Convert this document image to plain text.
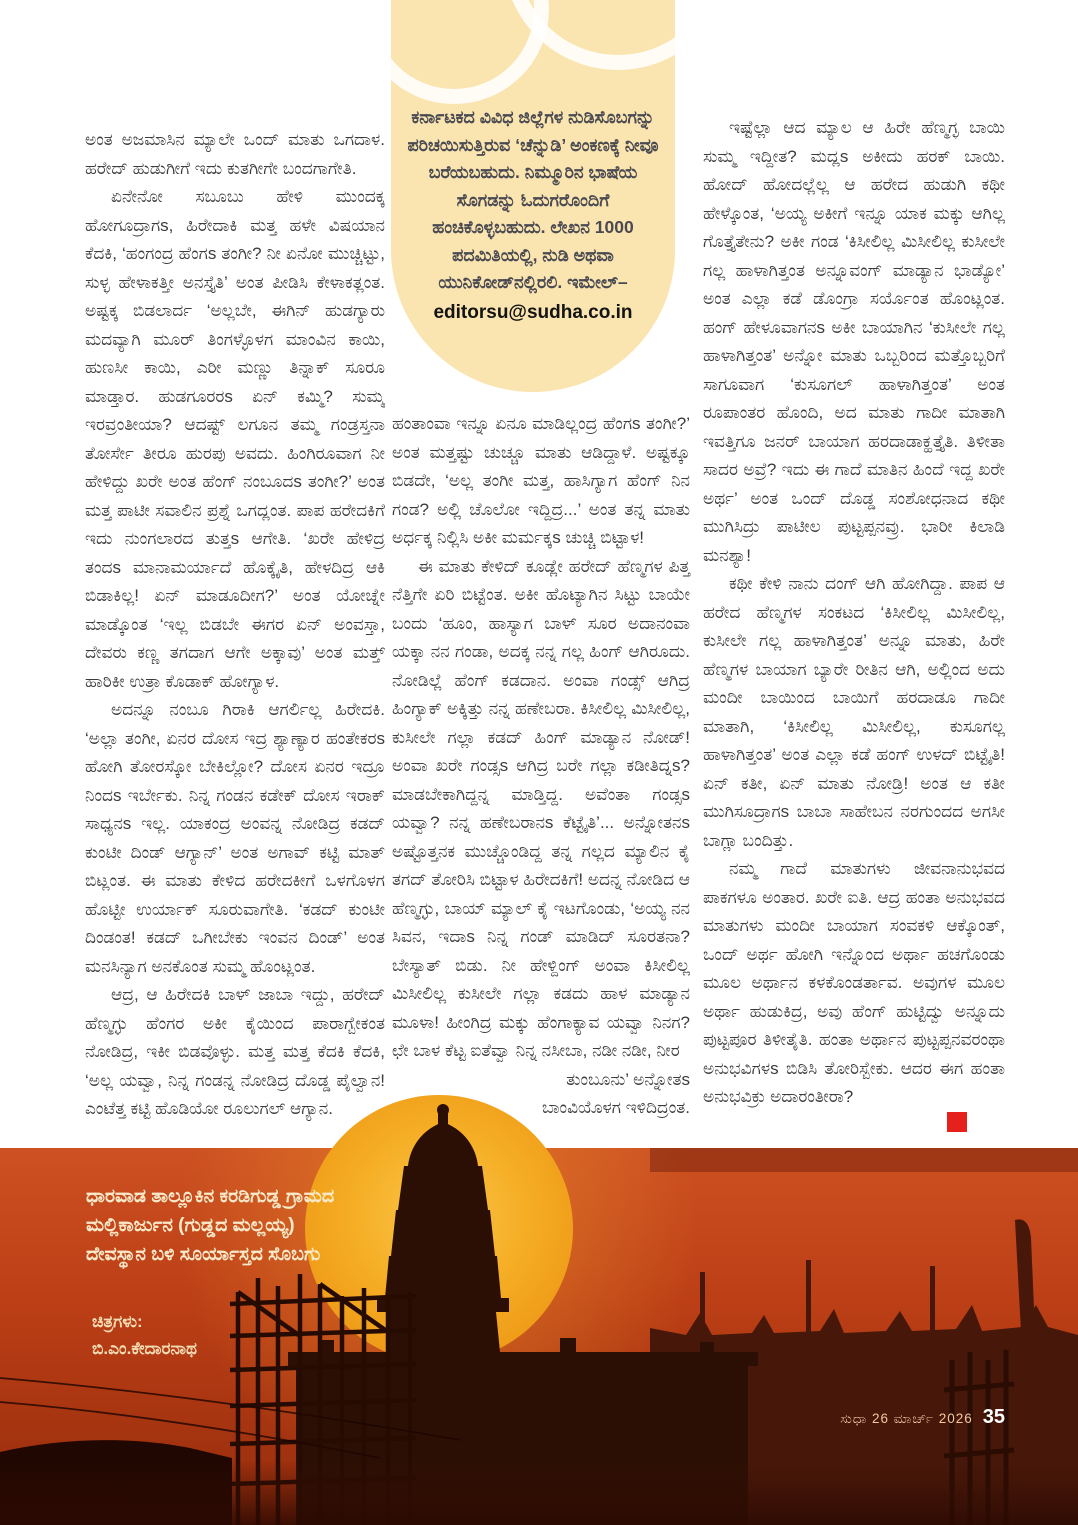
ಕರ್ನಾಟಕದ ವಿವಿಧ ಜಿಲ್ಲೆಗಳ ನುಡಿಸೊಬಗನ್ನು ಪರಿಚಯಿಸುತ್ತಿರುವ ‘ಚೆನ್ನುಡಿ’ ಅಂಕಣಕ್ಕೆ ನೀವೂ ಬರೆಯಬಹುದು. ನಿಮ್ಮೂರಿನ ಭಾಷೆಯ ಸೊಗಡನ್ನು ಓದುಗರೊಂದಿಗೆ ಹಂಚಿಕೊಳ್ಳಬಹುದು. ಲೇಖನ 1000 ಪದಮಿತಿಯಲ್ಲಿ, ನುಡಿ ಅಥವಾ ಯುನಿಕೋಡ್‌ನಲ್ಲಿರಲಿ. ಇಮೇಲ್–
editorsu@sudha.co.in

ಅಂತ ಅಜಮಾಸಿನ ಮ್ಯಾಲೇ ಒಂದ್ ಮಾತು ಒಗದಾಳ. ಹರೇದ್ ಹುಡುಗೀಗೆ ಇದು ಕುತಗೀಗೇ ಬಂದಗಾಗೇತಿ.

ಏನೇನೋ ಸಬೂಬು ಹೇಳಿ ಮುಂದಕ್ಕ ಹೋಗೂದ್ರಾಗs, ಹಿರೇದಾಕಿ ಮತ್ತ ಹಳೇ ವಿಷಯಾನ ಕೆದಕಿ, ‘ಹಂಗಂದ್ರ ಹೆಂಗs ತಂಗೀ? ನೀ ಏನೋ ಮುಚ್ಚಿಟ್ಟು, ಸುಳ್ಳ ಹೇಳಾಕತ್ತೀ ಅನಸ್ತೈತಿ’ ಅಂತ ಪೀಡಿಸಿ ಕೇಳಾಕತ್ಲಂತ. ಅಷ್ಟಕ್ಕ ಬಿಡಲಾರ್ದ ‘ಅಲ್ಲಬೇ, ಈಗಿನ್ ಹುಡಗ್ಯಾರು ಮದವ್ಯಾಗಿ ಮೂರ್ ತಿಂಗಳ್ಳೊಳಗ ಮಾಂವಿನ ಕಾಯಿ, ಹುಣಸೀ ಕಾಯಿ, ಎರೀ ಮಣ್ಣು ತಿನ್ನಾಕ್ ಸೂರೂ ಮಾಡ್ತಾರ. ಹುಡಗೂರರs ಏನ್ ಕಮ್ಮಿ? ಸುಮ್ಮ ಇರವ್ರಂತೀಯಾ? ಆದಷ್ಟ್ ಲಗೂನ ತಮ್ಮ ಗಂಡ್ರಸ್ತನಾ ತೋರ್ಸೇ ತೀರೂ ಹುರಪು ಅವದು. ಹಿಂಗಿರೂವಾಗ ನೀ ಹೇಳಿದ್ದು ಖರೇ ಅಂತ ಹೆಂಗ್ ನಂಬೂದs ತಂಗೀ?’ ಅಂತ ಮತ್ತ ಪಾಟೀ ಸವಾಲಿನ ಪ್ರಶ್ನೆ ಒಗದ್ಲಂತ. ಪಾಪ ಹರೇದಕಿಗೆ ಇದು ನುಂಗಲಾರದ ತುತ್ತs ಆಗೇತಿ. ‘ಖರೇ ಹೇಳಿದ್ರ ತಂದs ಮಾನಾಮರ್ಯಾದೆ ಹೊಕ್ಕೈತಿ, ಹೇಳದಿದ್ರ ಆಕಿ ಬಿಡಾಕಿಲ್ಲ! ಏನ್ ಮಾಡೂದೀಗ?’ ಅಂತ ಯೋಚ್ನೇ ಮಾಡ್ಕೊಂತ ‘ಇಲ್ಲ ಬಿಡಬೇ ಈಗರ ಏನ್ ಅಂವಸ್ತಾ, ದೇವರು ಕಣ್ಣ ತಗದಾಗ ಆಗೇ ಅಕ್ಕಾವು’ ಅಂತ ಮತ್ತ್ ಹಾರಿಕೀ ಉತ್ರಾ ಕೊಡಾಕ್ ಹೋಗ್ಯಾಳ.

ಅದನ್ನೂ ನಂಬೂ ಗಿರಾಕಿ ಆಗರ್ಲಿಲ್ಲ ಹಿರೇದಕಿ. ‘ಅಲ್ಲಾ ತಂಗೀ, ಏನರ ದೋಸ ಇದ್ರ ಶ್ಯಾಣ್ಯಾರ ಹಂತೇಕರs ಹೋಗಿ ತೋರಸ್ಕೋ ಬೇಕಿಲ್ಲೋ? ದೋಸ ಏನರ ಇದ್ರೂ ನಿಂದs ಇರ್ಬೇಕು. ನಿನ್ನ ಗಂಡನ ಕಡೇಕ್ ದೋಸ ಇರಾಕ್ ಸಾಧ್ಯನs ಇಲ್ಲ. ಯಾಕಂದ್ರ ಅಂವನ್ನ ನೋಡಿದ್ರ ಕಡದ್ ಕುಂಟೀ ದಿಂಡ್ ಆಗ್ಯಾನ್’ ಅಂತ ಅಗಾವ್ ಕಟ್ಟಿ ಮಾತ್ ಬಿಟ್ಲಂತ. ಈ ಮಾತು ಕೇಳಿದ ಹರೇದಕೀಗೆ ಒಳಗೊಳಗ ಹೊಟ್ಟೀ ಉರ್ಯಾಕ್ ಸೂರುವಾಗೇತಿ. ‘ಕಡದ್ ಕುಂಟೀ ದಿಂಡಂತ! ಕಡದ್ ಒಗೀಬೇಕು ಇಂವನ ದಿಂಡ್’ ಅಂತ ಮನಸಿನ್ಯಾಗ ಅನಕೊಂತ ಸುಮ್ಮ ಹೊಂಟ್ಲಂತ.

ಆದ್ರ, ಆ ಹಿರೇದಕಿ ಬಾಳ್ ಜಾಬಾ ಇದ್ದು, ಹರೇದ್ ಹೆಣ್ಮಗ್ಳು ಹೆಂಗರ ಅಕೀ ಕೈಯಿಂದ ಪಾರಾಗ್ಬೇಕಂತ ನೋಡಿದ್ರ, ಇಕೀ ಬಿಡವೊಳ್ಳು. ಮತ್ತ ಮತ್ತ ಕೆದಕಿ ಕೆದಕಿ, ‘ಅಲ್ಲ ಯವ್ವಾ, ನಿನ್ನ ಗಂಡನ್ನ ನೋಡಿದ್ರ ದೊಡ್ಡ ಪೈಲ್ವಾನ! ಎಂಟೆತ್ತ ಕಟ್ಟಿ ಹೊಡಿಯೋ ರೂಲುಗಲ್ ಆಗ್ಯಾನ.

ಹಂತಾಂವಾ ಇನ್ನೂ ಏನೂ ಮಾಡಿಲ್ಲಂದ್ರ ಹೆಂಗs ತಂಗೀ?’ ಅಂತ ಮತ್ತಷ್ಟು ಚುಚ್ಚೂ ಮಾತು ಆಡಿದ್ದಾಳೆ. ಅಷ್ಟಕ್ಕೂ ಬಿಡದೇ, ‘ಅಲ್ಲ ತಂಗೀ ಮತ್ತ, ಹಾಸಿಗ್ಯಾಗ ಹೆಂಗ್ ನಿನ ಗಂಡ? ಅಲ್ಲಿ ಚೊಲೋ ಇದ್ದಿದ್ರ...’ ಅಂತ ತನ್ನ ಮಾತು ಅರ್ಧಕ್ಕ ನಿಲ್ಲಿಸಿ ಅಕೀ ಮರ್ಮಕ್ಕs ಚುಚ್ಚಿ ಬಿಟ್ಟಾಳ!

ಈ ಮಾತು ಕೇಳಿದ್ ಕೂಡ್ಲೇ ಹರೇದ್ ಹೆಣ್ಮಗಳ ಪಿತ್ತ ನೆತ್ತಿಗೇ ಏರಿ ಬಿಟ್ಟೆಂತ. ಅಕೀ ಹೊಟ್ಯಾಗಿನ ಸಿಟ್ಟು ಬಾಯೇ ಬಂದು ‘ಹೂಂ, ಹಾಸ್ಯಾಗ ಬಾಳ್ ಸೂರ ಅದಾನಂವಾ ಯಕ್ಕಾ ನನ ಗಂಡಾ, ಅದಕ್ಕ ನನ್ನ ಗಲ್ಲ ಹಿಂಗ್ ಆಗಿರೂದು. ನೋಡಿಲ್ಲೆ ಹೆಂಗ್ ಕಡದಾನ. ಅಂವಾ ಗಂಡ್ಸ್ ಆಗಿದ್ರ ಹಿಂಗ್ಯಾಕ್ ಅಕ್ಕಿತ್ತು ನನ್ನ ಹಣೇಬರಾ. ಕಿಸೀಲಿಲ್ಲ ಮಿಸೀಲಿಲ್ಲ, ಕುಸೀಲೇ ಗಲ್ಲಾ ಕಡದ್ ಹಿಂಗ್ ಮಾಡ್ಯಾನ ನೋಡ್! ಅಂವಾ ಖರೇ ಗಂಡ್ಸs ಆಗಿದ್ರ ಬರೇ ಗಲ್ಲಾ ಕಡೀತಿದ್ನs? ಮಾಡಬೇಕಾಗಿದ್ದನ್ನ ಮಾಡ್ತಿದ್ದ. ಅವೆಂತಾ ಗಂಡ್ಸs ಯವ್ವಾ? ನನ್ನ ಹಣೇಬರಾನs ಕೆಟ್ಟೈತಿ’... ಅನ್ನೋತನs ಅಷ್ಟೊತ್ತನಕ ಮುಚ್ಚೊಂಡಿದ್ದ ತನ್ನ ಗಲ್ಲದ ಮ್ಯಾಲಿನ ಕೈ ತಗದ್ ತೋರಿಸಿ ಬಿಟ್ಟಾಳ ಹಿರೇದಕಿಗೆ! ಅದನ್ನ ನೋಡಿದ ಆ ಹೆಣ್ಮಗ್ಳು, ಬಾಯ್ ಮ್ಯಾಲ್ ಕೈ ಇಟಗೊಂಡು, ‘ಅಯ್ಯ ನನ ಸಿವನ, ಇದಾs ನಿನ್ನ ಗಂಡ್ ಮಾಡಿದ್ ಸೂರತನಾ? ಬೇಸ್ಯಾತ್ ಬಿಡು. ನೀ ಹೇಳ್ದಿಂಗ್ ಅಂವಾ ಕಿಸೀಲಿಲ್ಲ ಮಿಸೀಲಿಲ್ಲ ಕುಸೀಲೇ ಗಲ್ಲಾ ಕಡದು ಹಾಳ ಮಾಡ್ಯಾನ ಮೂಳಾ! ಹೀಂಗಿದ್ರ ಮಕ್ಕು ಹೆಂಗಾಕ್ಯಾವ ಯವ್ವಾ ನಿನಗ? ಛೇ ಬಾಳ ಕೆಟ್ಟ ಐತೆವ್ವಾ ನಿನ್ನ ನಸೀಬಾ, ನಡೀ ನಡೀ, ನೀರ

ತುಂಬೂನು’ ಅನ್ನೋತs ಬಾಂವಿಯೊಳಗ ಇಳಿದಿದ್ರಂತ.

ಇಷ್ಟೆಲ್ಲಾ ಆದ ಮ್ಯಾಲ ಆ ಹಿರೇ ಹೆಣ್ಮಗ್ಳ ಬಾಯಿ ಸುಮ್ಮ ಇದ್ದೀತ? ಮದ್ಲs ಅಕೀದು ಹರಕ್ ಬಾಯಿ. ಹೋದ್ ಹೋದಲ್ಲೆಲ್ಲ ಆ ಹರೇದ ಹುಡುಗಿ ಕಥೀ ಹೇಳ್ಕೊಂತ, ‘ಅಯ್ಯ ಅಕೀಗೆ ಇನ್ನೂ ಯಾಕ ಮಕ್ಕು ಆಗಿಲ್ಲ ಗೊತ್ತೈತೇನು? ಅಕೀ ಗಂಡ ‘ಕಿಸೀಲಿಲ್ಲ ಮಿಸೀಲಿಲ್ಲ ಕುಸೀಲೇ ಗಲ್ಲ ಹಾಳಾಗಿತ್ತಂತ ಅನ್ನೂವಂಗ್ ಮಾಡ್ಯಾನ ಭಾಡ್ಯೋ’ ಅಂತ ಎಲ್ಲಾ ಕಡೆ ಡೊಂಗ್ರಾ ಸರ್ಯೊಂತ ಹೊಂಟ್ಲಂತ. ಹಂಗ್ ಹೇಳೂವಾಗನs ಅಕೀ ಬಾಯಾಗಿನ ‘ಕುಸೀಲೇ ಗಲ್ಲ ಹಾಳಾಗಿತ್ತಂತ’ ಅನ್ನೋ ಮಾತು ಒಬ್ಬರಿಂದ ಮತ್ತೊಬ್ಬರಿಗೆ ಸಾಗೂವಾಗ ‘ಕುಸೂಗಲ್ ಹಾಳಾಗಿತ್ತಂತ’ ಅಂತ ರೂಪಾಂತರ ಹೊಂದಿ, ಅದ ಮಾತು ಗಾದೀ ಮಾತಾಗಿ ಇವತ್ತಿಗೂ ಜನರ್ ಬಾಯಾಗ ಹರದಾಡಾಕ್ಹತ್ತೈತಿ. ತಿಳೀತಾ ಸಾದರ ಅವ್ರೆ? ಇದು ಈ ಗಾದೆ ಮಾತಿನ ಹಿಂದೆ ಇದ್ದ ಖರೇ ಅರ್ಥ’ ಅಂತ ಒಂದ್ ದೊಡ್ಡ ಸಂಶೋಧನಾದ ಕಥೀ ಮುಗಿಸಿದ್ರು ಪಾಟೀಲ ಪುಟ್ಟಪ್ಪನವ್ರು. ಭಾರೀ ಕಿಲಾಡಿ ಮನಶ್ಯಾ!

ಕಥೀ ಕೇಳಿ ನಾನು ದಂಗ್ ಆಗಿ ಹೋಗಿದ್ದಾ. ಪಾಪ ಆ ಹರೇದ ಹೆಣ್ಮಗಳ ಸಂಕಟದ ‘ಕಿಸೀಲಿಲ್ಲ ಮಿಸೀಲಿಲ್ಲ, ಕುಸೀಲೇ ಗಲ್ಲ ಹಾಳಾಗಿತ್ತಂತ’ ಅನ್ನೂ ಮಾತು, ಹಿರೇ ಹೆಣ್ಮಗಳ ಬಾಯಾಗ ಬ್ಯಾರೇ ರೀತಿನ ಆಗಿ, ಅಲ್ಲಿಂದ ಅದು ಮಂದೀ ಬಾಯಿಂದ ಬಾಯಿಗೆ ಹರದಾಡೂ ಗಾದೀ ಮಾತಾಗಿ, ‘ಕಿಸೀಲಿಲ್ಲ ಮಿಸೀಲಿಲ್ಲ, ಕುಸೂಗಲ್ಲ ಹಾಳಾಗಿತ್ತಂತ’ ಅಂತ ಎಲ್ಲಾ ಕಡೆ ಹಂಗ್ ಉಳದ್ ಬಿಟ್ಟೈತಿ! ಏನ್ ಕತೀ, ಏನ್ ಮಾತು ನೋಡ್ರಿ! ಅಂತ ಆ ಕತೀ ಮುಗಿಸೂದ್ರಾಗs ಬಾಬಾ ಸಾಹೇಬನ ನರಗುಂದದ ಅಗಸೀ ಬಾಗ್ಲಾ ಬಂದಿತ್ತು.

ನಮ್ಮ ಗಾದೆ ಮಾತುಗಳು ಜೀವನಾನುಭವದ ಪಾಕಗಳೂ ಅಂತಾರ. ಖರೇ ಐತಿ. ಆದ್ರ ಹಂತಾ ಅನುಭವದ ಮಾತುಗಳು ಮಂದೀ ಬಾಯಾಗ ಸಂವಕಳಿ ಆಕ್ಕೊಂತ್, ಒಂದ್ ಅರ್ಥ ಹೋಗಿ ಇನ್ನೊಂದ ಅರ್ಥಾ ಹಚಗೊಂಡು ಮೂಲ ಅರ್ಥಾನ ಕಳಕೊಂಡರ್ತಾವ. ಅವುಗಳ ಮೂಲ ಅರ್ಥಾ ಹುಡುಕಿದ್ರ, ಅವು ಹೆಂಗ್ ಹುಟ್ಟಿದ್ವು ಅನ್ನೂದು ಪುಟ್ಟಪೂರ ತಿಳೀತೈತಿ. ಹಂತಾ ಅರ್ಥಾನ ಪುಟ್ಟಪ್ಪನವರಂಥಾ ಅನುಭವಿಗಳs ಬಿಡಿಸಿ ತೋರಿಸ್ಬೇಕು. ಆದರ ಈಗ ಹಂತಾ ಅನುಭವಿಕ್ರು ಅದಾರಂತೀರಾ?

ಧಾರವಾಡ ತಾಲ್ಲೂಕಿನ ಕರಡಿಗುಡ್ಡ ಗ್ರಾಮದ ಮಲ್ಲಿಕಾರ್ಜುನ (ಗುಡ್ಡದ ಮಲ್ಲಯ್ಯ) ದೇವಸ್ಥಾನ ಬಳಿ ಸೂರ್ಯಾಸ್ತದ ಸೊಬಗು
ಚಿತ್ರಗಳು:
ಬಿ.ಎಂ.ಕೇದಾರನಾಥ
ಸುಧಾ 26 ಮಾರ್ಚ್ 2026 35
